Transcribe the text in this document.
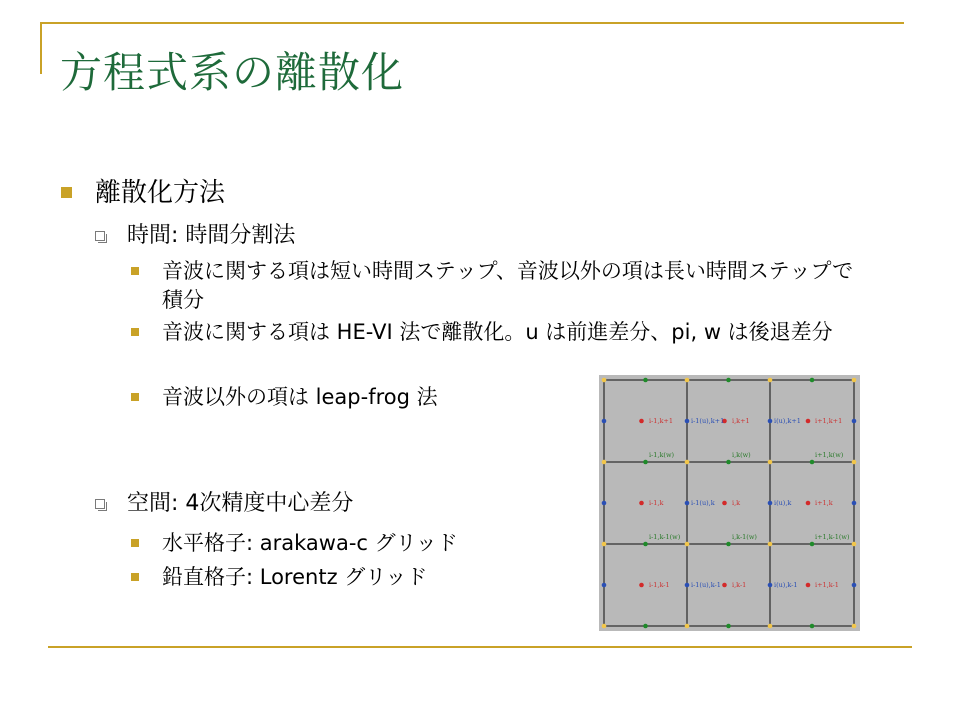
方程式系の離散化
離散化方法
時間: 時間分割法
音波に関する項は短い時間ステップ、音波以外の項は長い時間ステップで積分
音波に関する項は HE-VI 法で離散化。u は前進差分、pi, w は後退差分
音波以外の項は leap-frog 法
空間: 4次精度中心差分
水平格子: arakawa-c グリッド
鉛直格子: Lorentz グリッド
i-1,k+1	i-1(u),k+1 i,k+1	i(u),k+1 i+1,k+1
i-1,k(w)	i,k(w)	i+1,k(w)
i-1,k	i-1(u),k	i,k	i(u),k	i+1,k
i-1,k-1(w)	i,k-1(w)	i+1,k-1(w)
i-1,k-1	i-1(u),k-1 i,k-1	i(u),k-1	i+1,k-1
